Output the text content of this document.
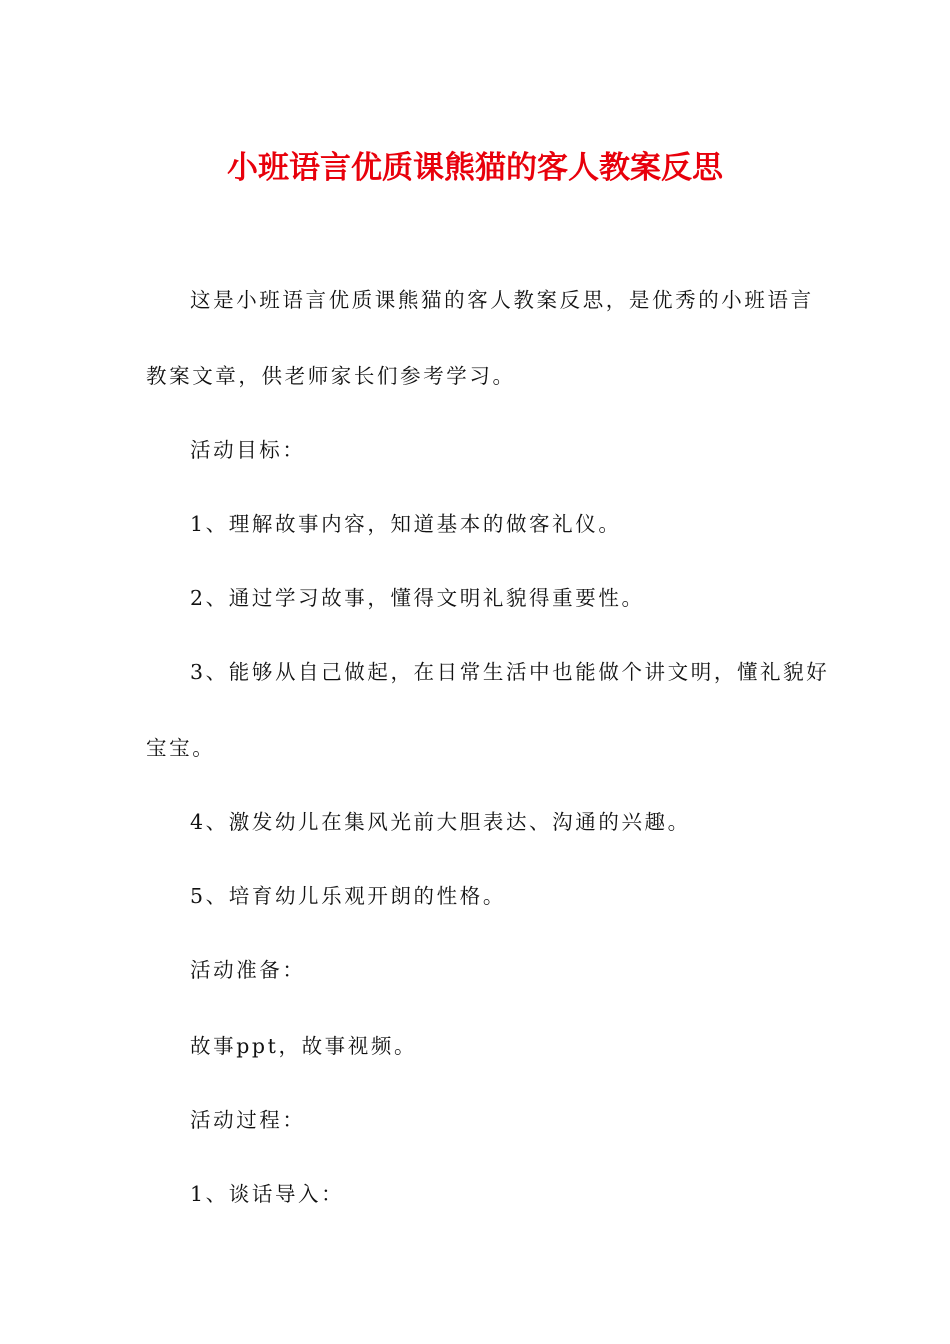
小班语言优质课熊猫的客人教案反思

这是小班语言优质课熊猫的客人教案反思，是优秀的小班语言

教案文章，供老师家长们参考学习。

活动目标：

1、理解故事内容，知道基本的做客礼仪。

2、通过学习故事，懂得文明礼貌得重要性。

3、能够从自己做起，在日常生活中也能做个讲文明，懂礼貌好

宝宝。

4、激发幼儿在集风光前大胆表达、沟通的兴趣。

5、培育幼儿乐观开朗的性格。

活动准备：

故事ppt，故事视频。

活动过程：

1、谈话导入：
